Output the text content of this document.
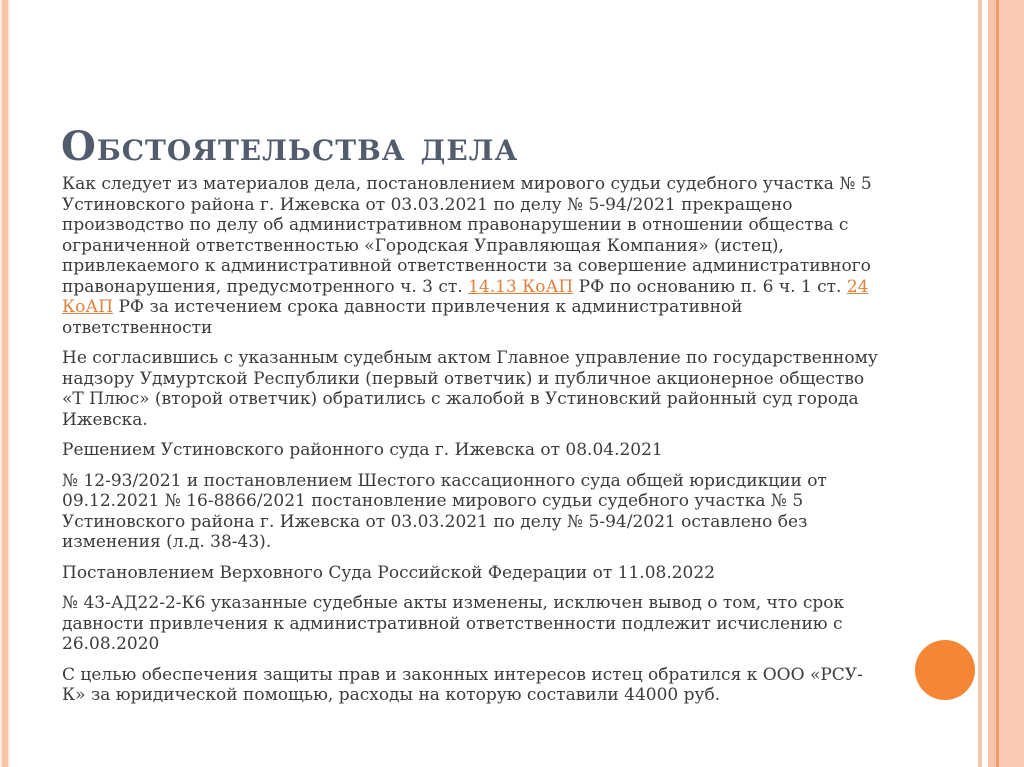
Обстоятельства дела

Как следует из материалов дела, постановлением мирового судьи судебного участка № 5 Устиновского района г. Ижевска от 03.03.2021 по делу № 5-94/2021 прекращено производство по делу об административном правонарушении в отношении общества с ограниченной ответственностью «Городская Управляющая Компания» (истец), привлекаемого к административной ответственности за совершение административного правонарушения, предусмотренного ч. 3 ст. 14.13 КоАП РФ по основанию п. 6 ч. 1 ст. 24 КоАП РФ за истечением срока давности привлечения к административной ответственности

Не согласившись с указанным судебным актом Главное управление по государственному надзору Удмуртской Республики (первый ответчик) и публичное акционерное общество «Т Плюс» (второй ответчик) обратились с жалобой в Устиновский районный суд города Ижевска.

Решением Устиновского районного суда г. Ижевска от 08.04.2021

№ 12-93/2021 и постановлением Шестого кассационного суда общей юрисдикции от 09.12.2021 № 16-8866/2021 постановление мирового судьи судебного участка № 5 Устиновского района г. Ижевска от 03.03.2021 по делу № 5-94/2021 оставлено без изменения (л.д. 38-43).

Постановлением Верховного Суда Российской Федерации от 11.08.2022

№ 43-АД22-2-К6 указанные судебные акты изменены, исключен вывод о том, что срок давности привлечения к административной ответственности подлежит исчислению с 26.08.2020

С целью обеспечения защиты прав и законных интересов истец обратился к ООО «РСУ-К» за юридической помощью, расходы на которую составили 44000 руб.
